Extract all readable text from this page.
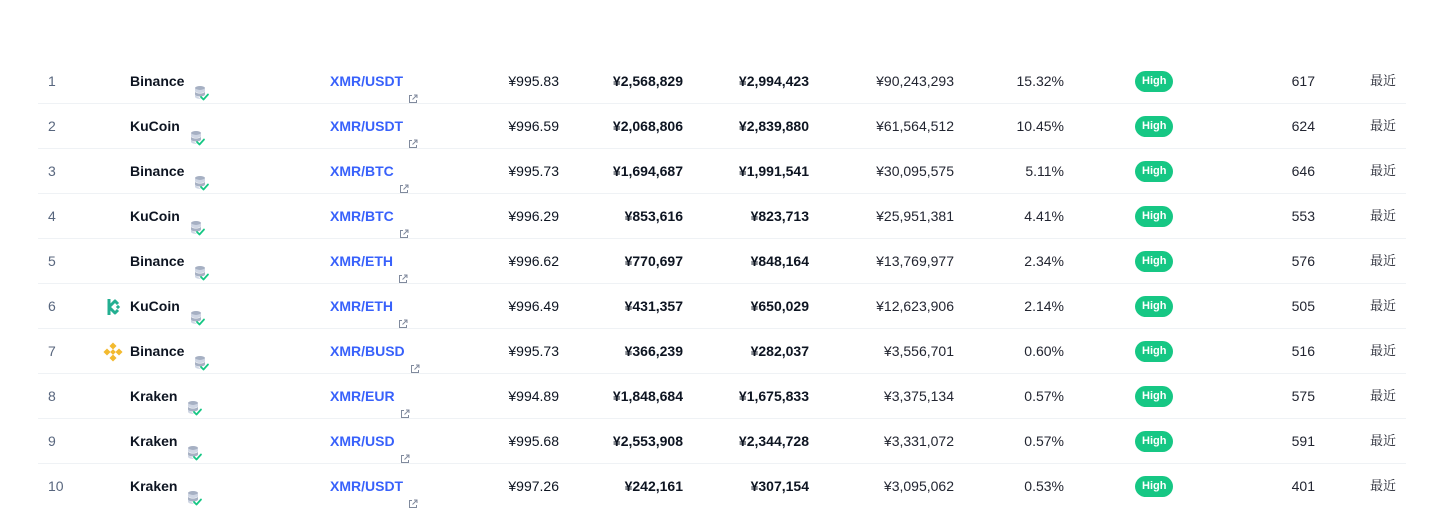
1	Binance	XMR/USDT	¥995.83	¥2,568,829	¥2,994,423	¥90,243,293	15.32%	High	617	最近
2	KuCoin	XMR/USDT	¥996.59	¥2,068,806	¥2,839,880	¥61,564,512	10.45%	High	624	最近
3	Binance	XMR/BTC	¥995.73	¥1,694,687	¥1,991,541	¥30,095,575	5.11%	High	646	最近
4	KuCoin	XMR/BTC	¥996.29	¥853,616	¥823,713	¥25,951,381	4.41%	High	553	最近
5	Binance	XMR/ETH	¥996.62	¥770,697	¥848,164	¥13,769,977	2.34%	High	576	最近
6	KuCoin	XMR/ETH	¥996.49	¥431,357	¥650,029	¥12,623,906	2.14%	High	505	最近
7	Binance	XMR/BUSD	¥995.73	¥366,239	¥282,037	¥3,556,701	0.60%	High	516	最近
8	Kraken	XMR/EUR	¥994.89	¥1,848,684	¥1,675,833	¥3,375,134	0.57%	High	575	最近
9	Kraken	XMR/USD	¥995.68	¥2,553,908	¥2,344,728	¥3,331,072	0.57%	High	591	最近
10	Kraken	XMR/USDT	¥997.26	¥242,161	¥307,154	¥3,095,062	0.53%	High	401	最近
